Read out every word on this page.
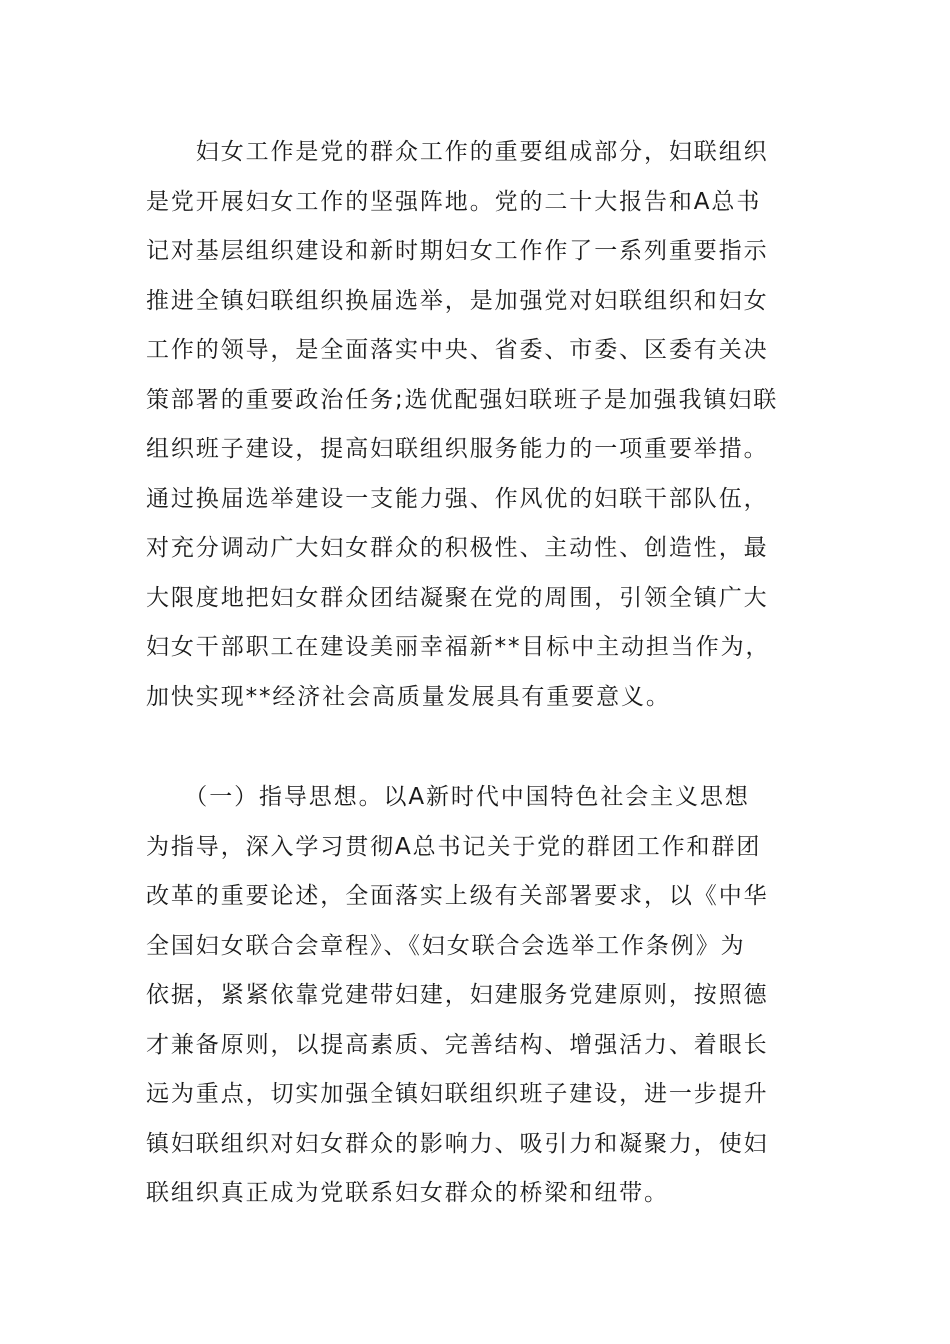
　　妇女工作是党的群众工作的重要组成部分，妇联组织
是党开展妇女工作的坚强阵地。党的二十大报告和A总书
记对基层组织建设和新时期妇女工作作了一系列重要指示
推进全镇妇联组织换届选举，是加强党对妇联组织和妇女
工作的领导，是全面落实中央、省委、市委、区委有关决
策部署的重要政治任务;选优配强妇联班子是加强我镇妇联
组织班子建设，提高妇联组织服务能力的一项重要举措。
通过换届选举建设一支能力强、作风优的妇联干部队伍，
对充分调动广大妇女群众的积极性、主动性、创造性，最
大限度地把妇女群众团结凝聚在党的周围，引领全镇广大
妇女干部职工在建设美丽幸福新**目标中主动担当作为，
加快实现**经济社会高质量发展具有重要意义。
　　（一）指导思想。以A新时代中国特色社会主义思想
为指导，深入学习贯彻A总书记关于党的群团工作和群团
改革的重要论述，全面落实上级有关部署要求，以《中华
全国妇女联合会章程》、《妇女联合会选举工作条例》为
依据，紧紧依靠党建带妇建，妇建服务党建原则，按照德
才兼备原则，以提高素质、完善结构、增强活力、着眼长
远为重点，切实加强全镇妇联组织班子建设，进一步提升
镇妇联组织对妇女群众的影响力、吸引力和凝聚力，使妇
联组织真正成为党联系妇女群众的桥梁和纽带。
